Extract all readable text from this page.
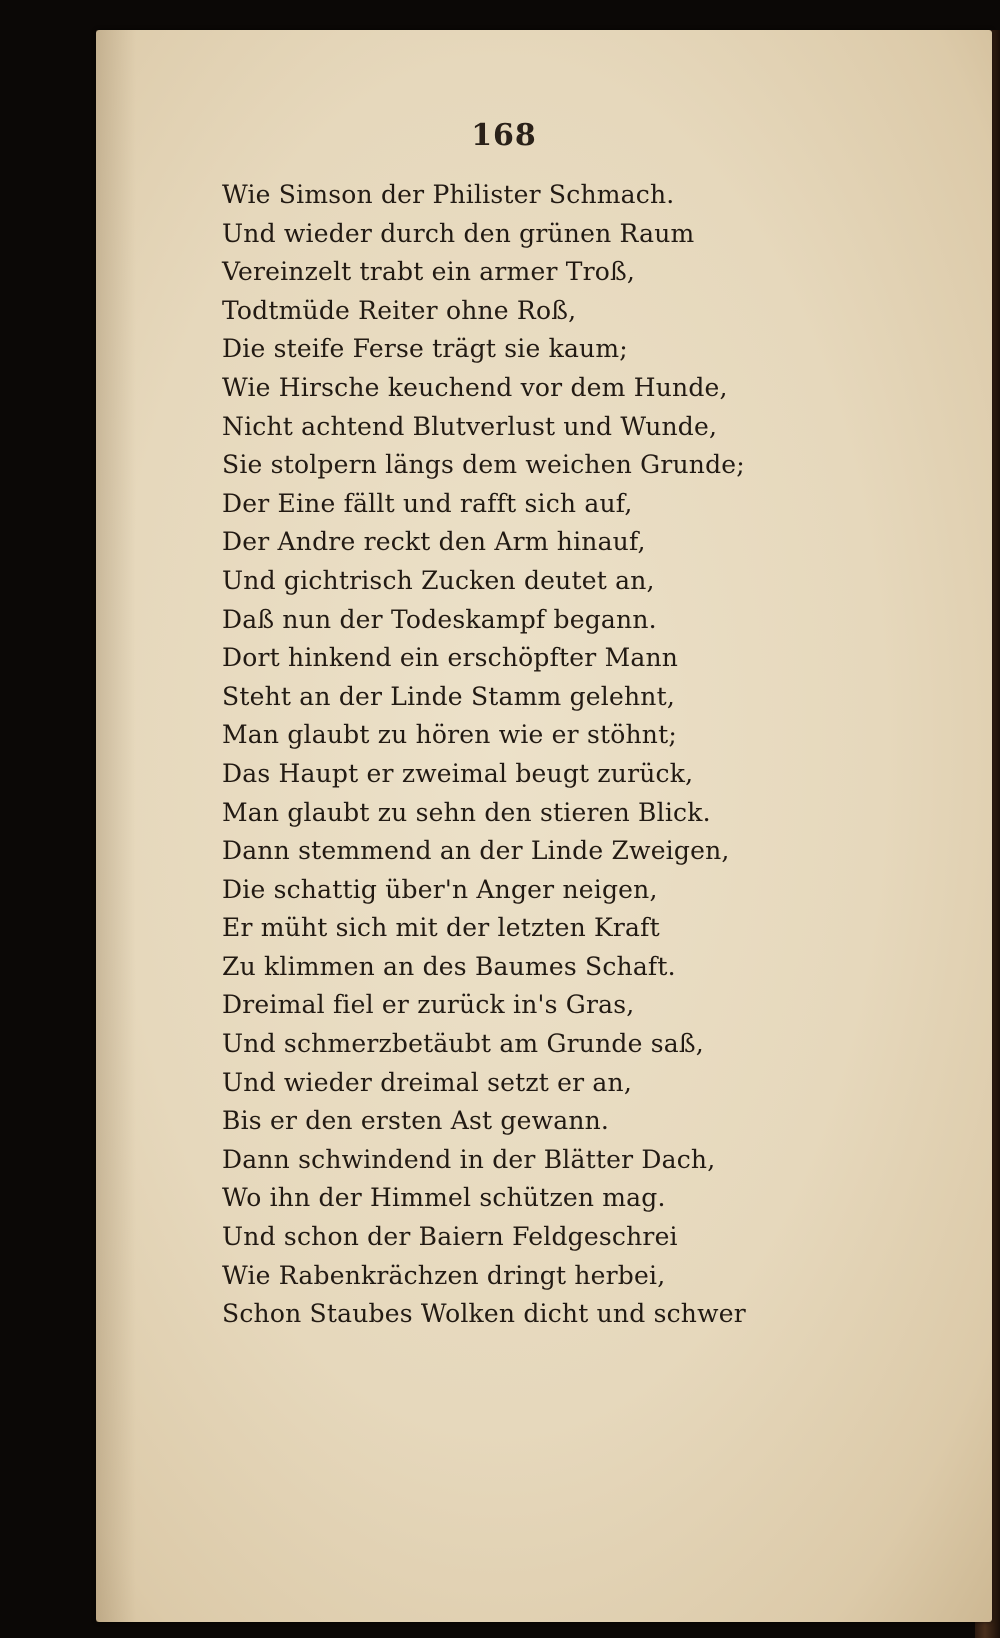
168
Wie Simson der Philister Schmach.
Und wieder durch den grünen Raum
Vereinzelt trabt ein armer Troß,
Todtmüde Reiter ohne Roß,
Die steife Ferse trägt sie kaum;
Wie Hirsche keuchend vor dem Hunde,
Nicht achtend Blutverlust und Wunde,
Sie stolpern längs dem weichen Grunde;
Der Eine fällt und rafft sich auf,
Der Andre reckt den Arm hinauf,
Und gichtrisch Zucken deutet an,
Daß nun der Todeskampf begann.
Dort hinkend ein erschöpfter Mann
Steht an der Linde Stamm gelehnt,
Man glaubt zu hören wie er stöhnt;
Das Haupt er zweimal beugt zurück,
Man glaubt zu sehn den stieren Blick.
Dann stemmend an der Linde Zweigen,
Die schattig über'n Anger neigen,
Er müht sich mit der letzten Kraft
Zu klimmen an des Baumes Schaft.
Dreimal fiel er zurück in's Gras,
Und schmerzbetäubt am Grunde saß,
Und wieder dreimal setzt er an,
Bis er den ersten Ast gewann.
Dann schwindend in der Blätter Dach,
Wo ihn der Himmel schützen mag.
Und schon der Baiern Feldgeschrei
Wie Rabenkrächzen dringt herbei,
Schon Staubes Wolken dicht und schwer
